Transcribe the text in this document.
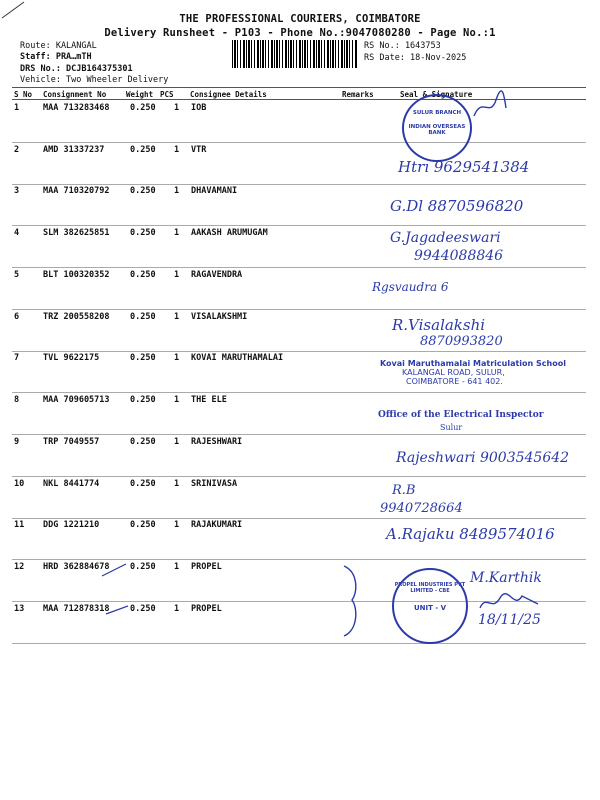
THE PROFESSIONAL COURIERS, COIMBATORE
Delivery Runsheet - P103 - Phone No.:9047080280 - Page No.:1
Route: KALANGAL
Staff: PRA…mTH
DRS No.: DCJB164375301
Vehicle: Two Wheeler Delivery
RS No.: 1643753
RS Date: 18-Nov-2025
S No Consignment No	Weight PCS Consignee Details	Remarks	Seal & Signature
1	MAA 713283468 0.250 1 IOB
2	AMD 31337237	0.250 1 VTR
3	MAA 710320792 0.250 1 DHAVAMANI
4	SLM 382625851 0.250 1 AAKASH ARUMUGAM
5	BLT 100320352 0.250 1 RAGAVENDRA
6	TRZ 200558208 0.250 1 VISALAKSHMI
7	TVL 9622175	0.250 1 KOVAI MARUTHAMALAI
8	MAA 709605713 0.250 1 THE ELE
9	TRP 7049557	0.250 1 RAJESHWARI
10 NKL 8441774	0.250 1 SRINIVASA
11 DDG 1221210	0.250 1 RAJAKUMARI
12 HRD 362884678 0.250 1 PROPEL
13 MAA 712878318 0.250 1 PROPEL
SULUR BRANCH
INDIAN OVERSEAS BANK
Ηtrı 9629541384
G.Dl 8870596820
G.Jagadeeswari
9944088846
Rgsvaudra 6
R.Visalakshi
8870993820
Kovai Maruthamalai Matriculation School
KALANGAL ROAD, SULUR,
COIMBATORE - 641 402.
Office of the Electrical Inspector
Sulur
Rajeshwari 9003545642
R.B
9940728664
A.Rajaku 8489574016
PROPEL INDUSTRIES PVT LIMITED - CBE
UNIT - V
M.Karthik
18/11/25
